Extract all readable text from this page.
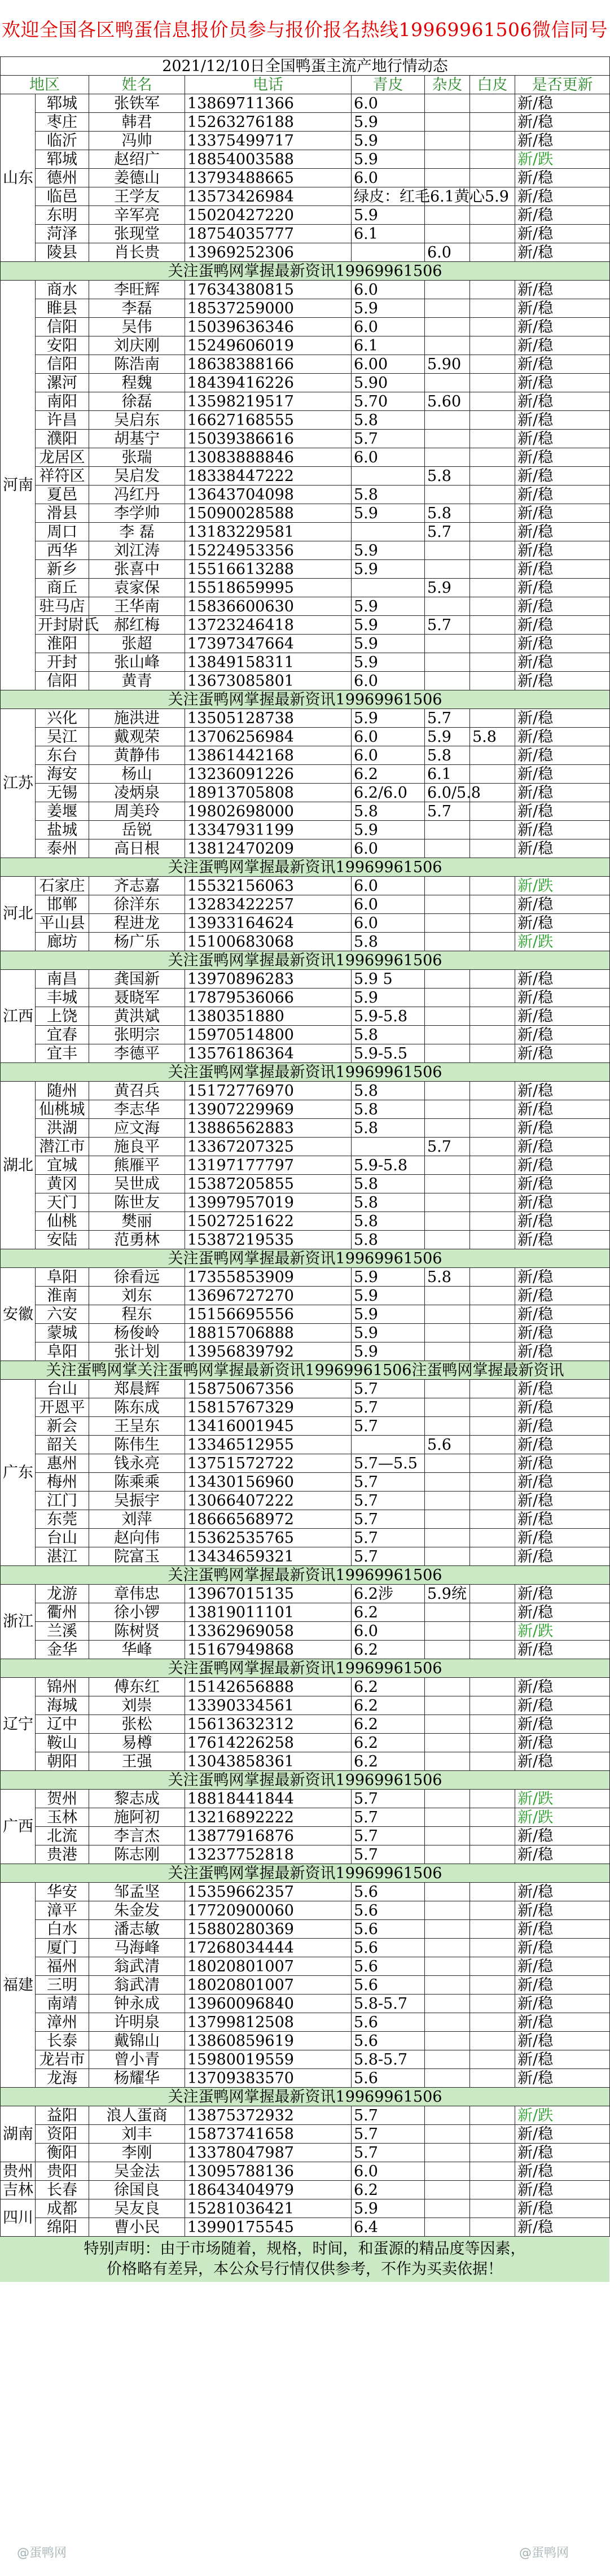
欢迎全国各区鸭蛋信息报价员参与报价报名热线19969961506微信同号
2021/12/10日全国鸭蛋主流产地行情动态							
地区		姓名	电话	青皮	杂皮	白皮	是否更新
山东	郓城	张铁军	13869711366	6.0			新/稳
	枣庄	韩君	15263276188	5.9			新/稳
	临沂	冯帅	13375499717	5.9			新/稳
	郓城	赵绍广	18854003588	5.9			新/跌
	德州	姜德山	13793488665	6.0			新/稳
	临邑	王学友	13573426984	绿皮：红毛6.1黄心5.9			新/稳
	东明	辛军亮	15020427220	5.9			新/稳
	菏泽	张现堂	18754035777	6.1			新/稳
	陵县	肖长贵	13969252306		6.0		新/稳
关注蛋鸭网掌握最新资讯19969961506							
河南	商水	李旺辉	17634380815	6.0			新/稳
	睢县	李磊	18537259000	5.9			新/稳
	信阳	吴伟	15039636346	6.0			新/稳
	安阳	刘庆刚	15249606019	6.1			新/稳
	信阳	陈浩南	18638388166	6.00	5.90		新/稳
	漯河	程魏	18439416226	5.90			新/稳
	南阳	徐磊	13598219517	5.70	5.60		新/稳
	许昌	吴启东	16627168555	5.8			新/稳
	濮阳	胡基宁	15039386616	5.7			新/稳
	龙居区	张瑞	13083888846	6.0			新/稳
	祥符区	吴启发	18338447222		5.8		新/稳
	夏邑	冯红丹	13643704098	5.8			新/稳
	滑县	李学帅	15090028588	5.9	5.8		新/稳
	周口	李 磊	13183229581		5.7		新/稳
	西华	刘江涛	15224953356	5.9			新/稳
	新乡	张喜中	15516613288	5.9			新/稳
	商丘	袁家保	15518659995		5.9		新/稳
	驻马店	王华南	15836600630	5.9			新/稳
	开封尉氏	郝红梅	13723246418	5.9	5.7		新/稳
	淮阳	张超	17397347664	5.9			新/稳
	开封	张山峰	13849158311	5.9			新/稳
	信阳	黄青	13673085801	6.0			新/稳
关注蛋鸭网掌握最新资讯19969961506							
江苏	兴化	施洪进	13505128738	5.9	5.7		新/稳
	吴江	戴观荣	13706256984	6.0	5.9	5.8	新/稳
	东台	黄静伟	13861442168	6.0	5.8		新/稳
	海安	杨山	13236091226	6.2	6.1		新/稳
	无锡	凌炳泉	18913705808	6.2/6.0	6.0/5.8		新/稳
	姜堰	周美玲	19802698000	5.8	5.7		新/稳
	盐城	岳锐	13347931199	5.9			新/稳
	泰州	高日根	13812470209	6.0			新/稳
关注蛋鸭网掌握最新资讯19969961506							
河北	石家庄	齐志嘉	15532156063	6.0			新/跌
	邯郸	徐洋东	13283422257	6.0			新/稳
	平山县	程进龙	13933164624	6.0			新/稳
	廊坊	杨广乐	15100683068	5.8			新/跌
关注蛋鸭网掌握最新资讯19969961506							
江西	南昌	龚国新	13970896283	5.9 5			新/稳
	丰城	聂晓军	17879536066	5.9			新/稳
	上饶	黄洪斌	1380351880	5.9-5.8			新/稳
	宜春	张明宗	15970514800	5.8			新/稳
	宜丰	李德平	13576186364	5.9-5.5			新/稳
关注蛋鸭网掌握最新资讯19969961506							
湖北	随州	黄召兵	15172776970	5.8			新/稳
	仙桃城	李志华	13907229969	5.8			新/稳
	洪湖	应文海	13886562883	5.8			新/稳
	潜江市	施良平	13367207325		5.7		新/稳
	宜城	熊雁平	13197177797	5.9-5.8			新/稳
	黄冈	吴世成	15387205855	5.8			新/稳
	天门	陈世友	13997957019	5.8			新/稳
	仙桃	樊丽	15027251622	5.8			新/稳
	安陆	范勇林	15387219535	5.8			新/稳
关注蛋鸭网掌握最新资讯19969961506							
安徽	阜阳	徐看远	17355853909	5.9	5.8		新/稳
	淮南	刘东	13696727270	5.9			新/稳
	六安	程东	15156695556	5.9			新/稳
	蒙城	杨俊岭	18815706888	5.9			新/稳
	阜阳	张计划	13956839792	5.9			新/稳
关注蛋鸭网掌关注蛋鸭网掌握最新资讯19969961506注蛋鸭网掌握最新资讯							
广东	台山	郑晨辉	15875067356	5.7			新/稳
	开恩平	陈东成	15815767329	5.7			新/稳
	新会	王呈东	13416001945	5.7			新/稳
	韶关	陈伟生	13346512955		5.6		新/稳
	惠州	钱永亮	13751572722	5.7—5.5			新/稳
	梅州	陈乘乘	13430156960	5.7			新/稳
	江门	吴振宇	13066407222	5.7			新/稳
	东莞	刘萍	18666568972	5.7			新/稳
	台山	赵向伟	15362535765	5.7			新/稳
	湛江	院富玉	13434659321	5.7			新/稳
关注蛋鸭网掌握最新资讯19969961506							
浙江	龙游	章伟忠	13967015135	6.2涉	5.9统		新/稳
	衢州	徐小锣	13819011101	6.2			新/稳
	兰溪	陈树贤	13362969058	6.0			新/跌
	金华	华峰	15167949868	6.2			新/稳
关注蛋鸭网掌握最新资讯19969961506							
辽宁	锦州	傅东红	15142656888	6.2			新/稳
	海城	刘崇	13390334561	6.2			新/稳
	辽中	张松	15613632312	6.2			新/稳
	鞍山	易樽	17614226258	6.2			新/稳
	朝阳	王强	13043858361	6.2			新/稳
关注蛋鸭网掌握最新资讯19969961506							
广西	贺州	黎志成	18818441844	5.7			新/跌
	玉林	施阿初	13216892222	5.7			新/跌
	北流	李言杰	13877916876	5.7			新/稳
	贵港	陈志刚	13237752818	5.7			新/稳
关注蛋鸭网掌握最新资讯19969961506							
福建	华安	邹孟坚	15359662357	5.6			新/稳
	漳平	朱金发	17720900060	5.6			新/稳
	白水	潘志敏	15880280369	5.6			新/稳
	厦门	马海峰	17268034444	5.6			新/稳
	福州	翁武清	18020801007	5.6			新/稳
	三明	翁武清	18020801007	5.6			新/稳
	南靖	钟永成	13960096840	5.8-5.7			新/稳
	漳州	许明泉	13799812508	5.6			新/稳
	长泰	戴锦山	13860859619	5.6			新/稳
	龙岩市	曾小青	15980019559	5.8-5.7			新/稳
	龙海	杨耀华	13709383570	5.6			新/稳
关注蛋鸭网掌握最新资讯19969961506							
湖南	益阳	浪人蛋商	13875372932	5.7			新/跌
	资阳	刘丰	15873741658	5.7			新/稳
	衡阳	李刚	13378047987	5.7			新/稳
贵州	贵阳	吴金法	13095788136	6.0			新/稳
吉林	长春	徐国良	18643404979	6.2			新/稳
四川	成都	吴友良	15281036421	5.9			新/稳
	绵阳	曹小民	13990175545	6.4			新/稳
特别声明：由于市场随着，规格，时间，和蛋源的精品度等因素，
价格略有差异，本公众号行情仅供参考，不作为买卖依据！
@蛋鸭网	@蛋鸭网
